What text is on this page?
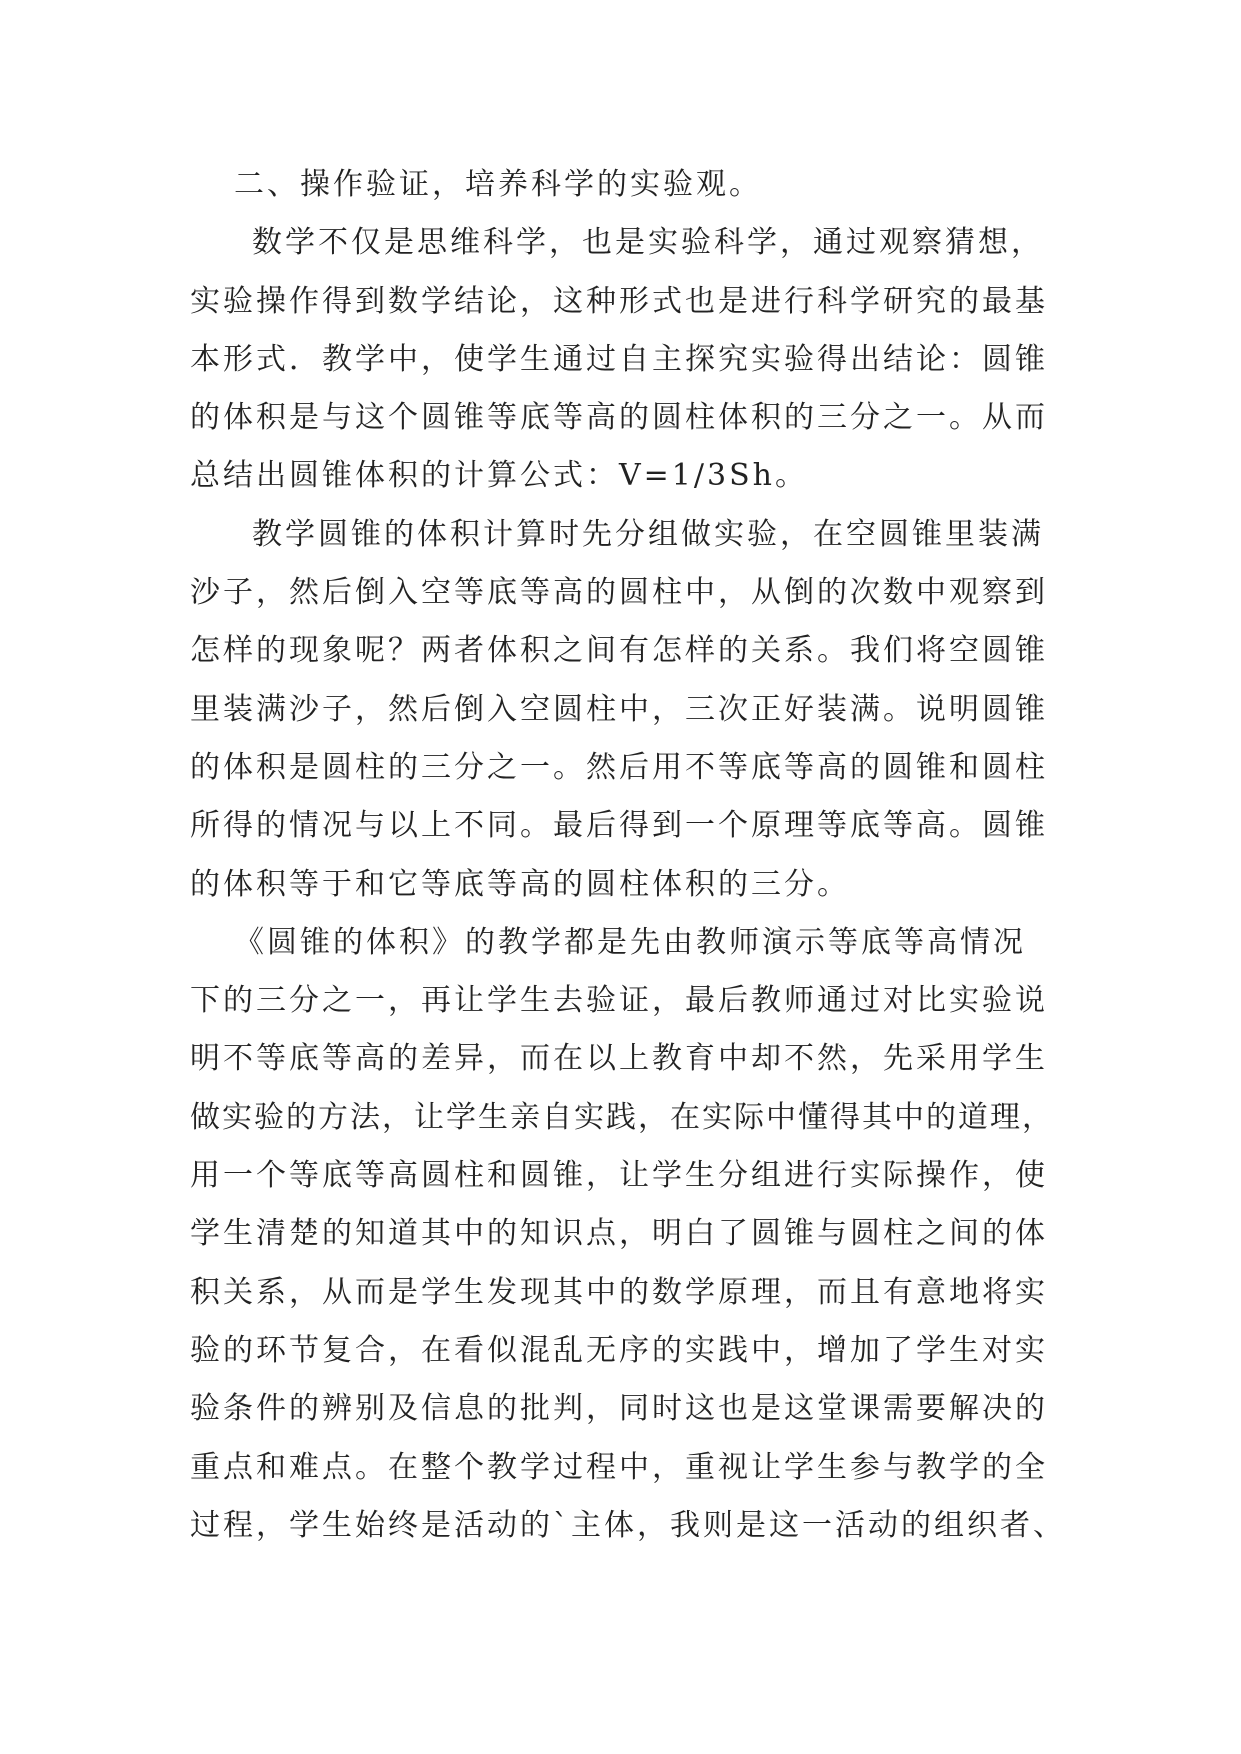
二、操作验证，培养科学的实验观。
数学不仅是思维科学，也是实验科学，通过观察猜想，
实验操作得到数学结论，这种形式也是进行科学研究的最基
本形式．教学中，使学生通过自主探究实验得出结论：圆锥
的体积是与这个圆锥等底等高的圆柱体积的三分之一。从而
总结出圆锥体积的计算公式：V=1/3Sh。
教学圆锥的体积计算时先分组做实验，在空圆锥里装满
沙子，然后倒入空等底等高的圆柱中，从倒的次数中观察到
怎样的现象呢？两者体积之间有怎样的关系。我们将空圆锥
里装满沙子，然后倒入空圆柱中，三次正好装满。说明圆锥
的体积是圆柱的三分之一。然后用不等底等高的圆锥和圆柱
所得的情况与以上不同。最后得到一个原理等底等高。圆锥
的体积等于和它等底等高的圆柱体积的三分。
《圆锥的体积》的教学都是先由教师演示等底等高情况
下的三分之一，再让学生去验证，最后教师通过对比实验说
明不等底等高的差异，而在以上教育中却不然，先采用学生
做实验的方法，让学生亲自实践，在实际中懂得其中的道理，
用一个等底等高圆柱和圆锥，让学生分组进行实际操作，使
学生清楚的知道其中的知识点，明白了圆锥与圆柱之间的体
积关系，从而是学生发现其中的数学原理，而且有意地将实
验的环节复合，在看似混乱无序的实践中，增加了学生对实
验条件的辨别及信息的批判，同时这也是这堂课需要解决的
重点和难点。在整个教学过程中，重视让学生参与教学的全
过程，学生始终是活动的`主体，我则是这一活动的组织者、
